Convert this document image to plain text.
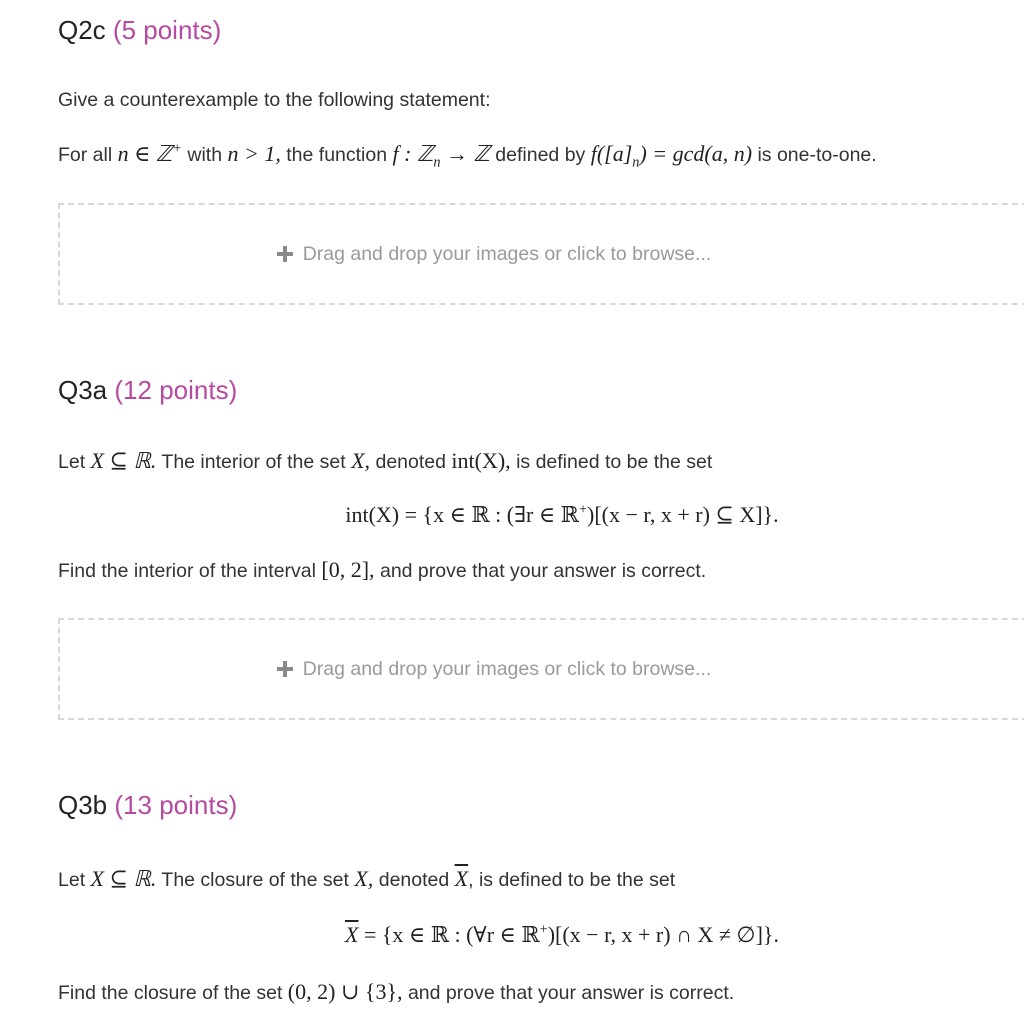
Q2c (5 points)
Give a counterexample to the following statement:
For all n ∈ ℤ+ with n > 1, the function f : ℤ$_n$ → ℤ defined by $f([a]_n) = \gcd(a$, n) is one-to-one.
Drag and drop your images or click to browse...
Q3a (12 points)
Let X ⊆ ℝ. The interior of the set X, denoted int(X), is defined to be the set
int(X) = {x ∈ ℝ : (∃r ∈ ℝ+)[(x − r, x + r) ⊆ X]}.
Find the interior of the interval [0, 2], and prove that your answer is correct.
Drag and drop your images or click to browse...
Q3b (13 points)
Let X ⊆ ℝ. The closure of the set X, denoted $\overline{X}$, is defined to be the set
$\overline{X} = \{x$ ∈ ℝ : (∀r ∈ ℝ+)[(x − r, x + r) ∩ X ≠ ∅]}.
Find the closure of the set (0, 2) ∪ {3}, and prove that your answer is correct.
